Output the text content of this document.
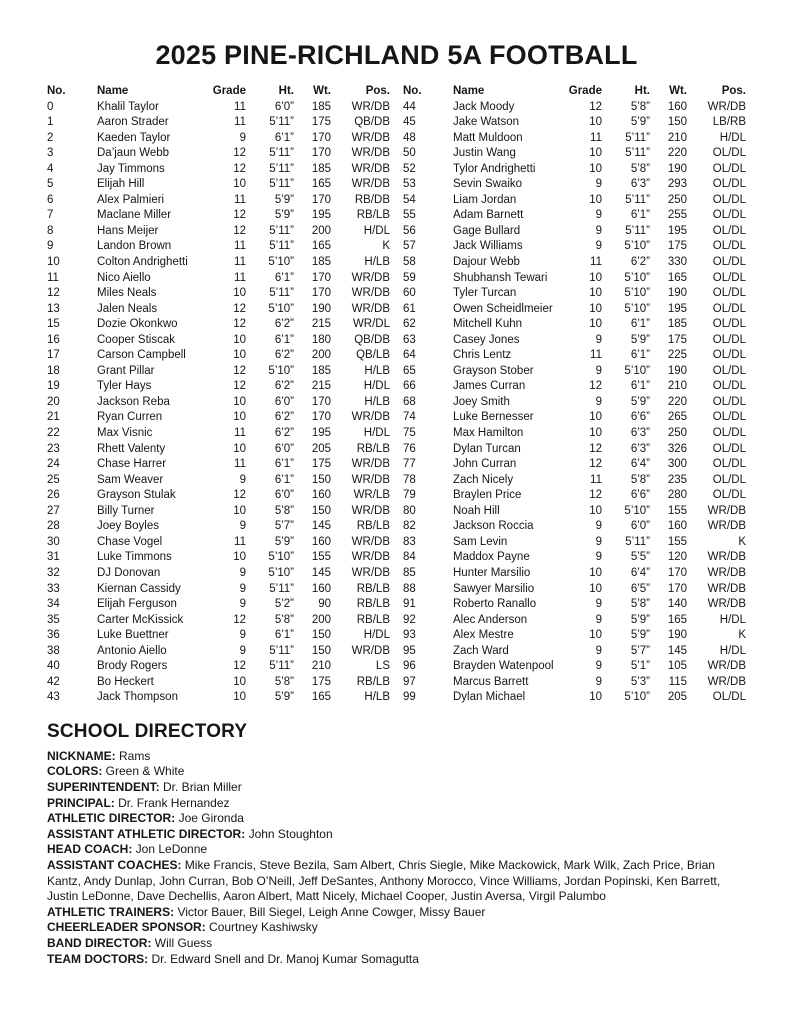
2025 PINE-RICHLAND 5A FOOTBALL
No.	Name	Grade	Ht.	Wt.	Pos.
0	Khalil Taylor	11	6’0”	185	WR/DB
1	Aaron Strader	11	5’11”	175	QB/DB
2	Kaeden Taylor	9	6’1”	170	WR/DB
3	Da’jaun Webb	12	5’11”	170	WR/DB
4	Jay Timmons	12	5’11”	185	WR/DB
5	Elijah Hill	10	5’11”	165	WR/DB
6	Alex Palmieri	11	5’9”	170	RB/DB
7	Maclane Miller	12	5’9”	195	RB/LB
8	Hans Meijer	12	5’11”	200	H/DL
9	Landon Brown	11	5’11”	165	K
10	Colton Andrighetti	11	5’10”	185	H/LB
11	Nico Aiello	11	6’1”	170	WR/DB
12	Miles Neals	10	5’11”	170	WR/DB
13	Jalen Neals	12	5’10”	190	WR/DB
15	Dozie Okonkwo	12	6’2”	215	WR/DL
16	Cooper Stiscak	10	6’1”	180	QB/DB
17	Carson Campbell	10	6’2”	200	QB/LB
18	Grant Pillar	12	5’10”	185	H/LB
19	Tyler Hays	12	6’2”	215	H/DL
20	Jackson Reba	10	6’0”	170	H/LB
21	Ryan Curren	10	6’2”	170	WR/DB
22	Max Visnic	11	6’2”	195	H/DL
23	Rhett Valenty	10	6’0”	205	RB/LB
24	Chase Harrer	11	6’1”	175	WR/DB
25	Sam Weaver	9	6’1”	150	WR/DB
26	Grayson Stulak	12	6’0”	160	WR/LB
27	Billy Turner	10	5’8”	150	WR/DB
28	Joey Boyles	9	5’7”	145	RB/LB
30	Chase Vogel	11	5’9”	160	WR/DB
31	Luke Timmons	10	5’10”	155	WR/DB
32	DJ Donovan	9	5’10”	145	WR/DB
33	Kiernan Cassidy	9	5’11”	160	RB/LB
34	Elijah Ferguson	9	5’2”	90	RB/LB
35	Carter McKissick	12	5’8”	200	RB/LB
36	Luke Buettner	9	6’1”	150	H/DL
38	Antonio Aiello	9	5’11”	150	WR/DB
40	Brody Rogers	12	5’11”	210	LS
42	Bo Heckert	10	5’8”	175	RB/LB
43	Jack Thompson	10	5’9”	165	H/LB
No.	Name	Grade	Ht.	Wt.	Pos.
44	Jack Moody	12	5’8”	160	WR/DB
45	Jake Watson	10	5’9”	150	LB/RB
48	Matt Muldoon	11	5’11”	210	H/DL
50	Justin Wang	10	5’11”	220	OL/DL
52	Tylor Andrighetti	10	5’8”	190	OL/DL
53	Sevin Swaiko	9	6’3”	293	OL/DL
54	Liam Jordan	10	5’11”	250	OL/DL
55	Adam Barnett	9	6’1”	255	OL/DL
56	Gage Bullard	9	5’11”	195	OL/DL
57	Jack Williams	9	5’10”	175	OL/DL
58	Dajour Webb	11	6’2”	330	OL/DL
59	Shubhansh Tewari	10	5’10”	165	OL/DL
60	Tyler Turcan	10	5’10”	190	OL/DL
61	Owen Scheidlmeier	10	5’10”	195	OL/DL
62	Mitchell Kuhn	10	6’1”	185	OL/DL
63	Casey Jones	9	5’9”	175	OL/DL
64	Chris Lentz	11	6’1”	225	OL/DL
65	Grayson Stober	9	5’10”	190	OL/DL
66	James Curran	12	6’1”	210	OL/DL
68	Joey Smith	9	5’9”	220	OL/DL
74	Luke Bernesser	10	6’6”	265	OL/DL
75	Max Hamilton	10	6’3”	250	OL/DL
76	Dylan Turcan	12	6’3”	326	OL/DL
77	John Curran	12	6’4”	300	OL/DL
78	Zach Nicely	11	5’8”	235	OL/DL
79	Braylen Price	12	6’6”	280	OL/DL
80	Noah Hill	10	5’10”	155	WR/DB
82	Jackson Roccia	9	6’0”	160	WR/DB
83	Sam Levin	9	5’11”	155	K
84	Maddox Payne	9	5’5”	120	WR/DB
85	Hunter Marsilio	10	6’4”	170	WR/DB
88	Sawyer Marsilio	10	6’5”	170	WR/DB
91	Roberto Ranallo	9	5’8”	140	WR/DB
92	Alec Anderson	9	5’9”	165	H/DL
93	Alex Mestre	10	5’9”	190	K
95	Zach Ward	9	5’7”	145	H/DL
96	Brayden Watenpool	9	5’1”	105	WR/DB
97	Marcus Barrett	9	5’3”	115	WR/DB
99	Dylan Michael	10	5’10”	205	OL/DL
SCHOOL DIRECTORY
NICKNAME: Rams
COLORS: Green & White
SUPERINTENDENT: Dr. Brian Miller
PRINCIPAL: Dr. Frank Hernandez
ATHLETIC DIRECTOR: Joe Gironda
ASSISTANT ATHLETIC DIRECTOR: John Stoughton
HEAD COACH: Jon LeDonne
ASSISTANT COACHES: Mike Francis, Steve Bezila, Sam Albert, Chris Siegle, Mike Mackowick, Mark Wilk, Zach Price, Brian Kantz, Andy Dunlap, John Curran, Bob O’Neill, Jeff DeSantes, Anthony Morocco, Vince Williams, Jordan Popinski, Ken Barrett, Justin LeDonne, Dave Dechellis, Aaron Albert, Matt Nicely, Michael Cooper, Justin Aversa, Virgil Palumbo
ATHLETIC TRAINERS: Victor Bauer, Bill Siegel, Leigh Anne Cowger, Missy Bauer
CHEERLEADER SPONSOR: Courtney Kashiwsky
BAND DIRECTOR: Will Guess
TEAM DOCTORS: Dr. Edward Snell and Dr. Manoj Kumar Somagutta
